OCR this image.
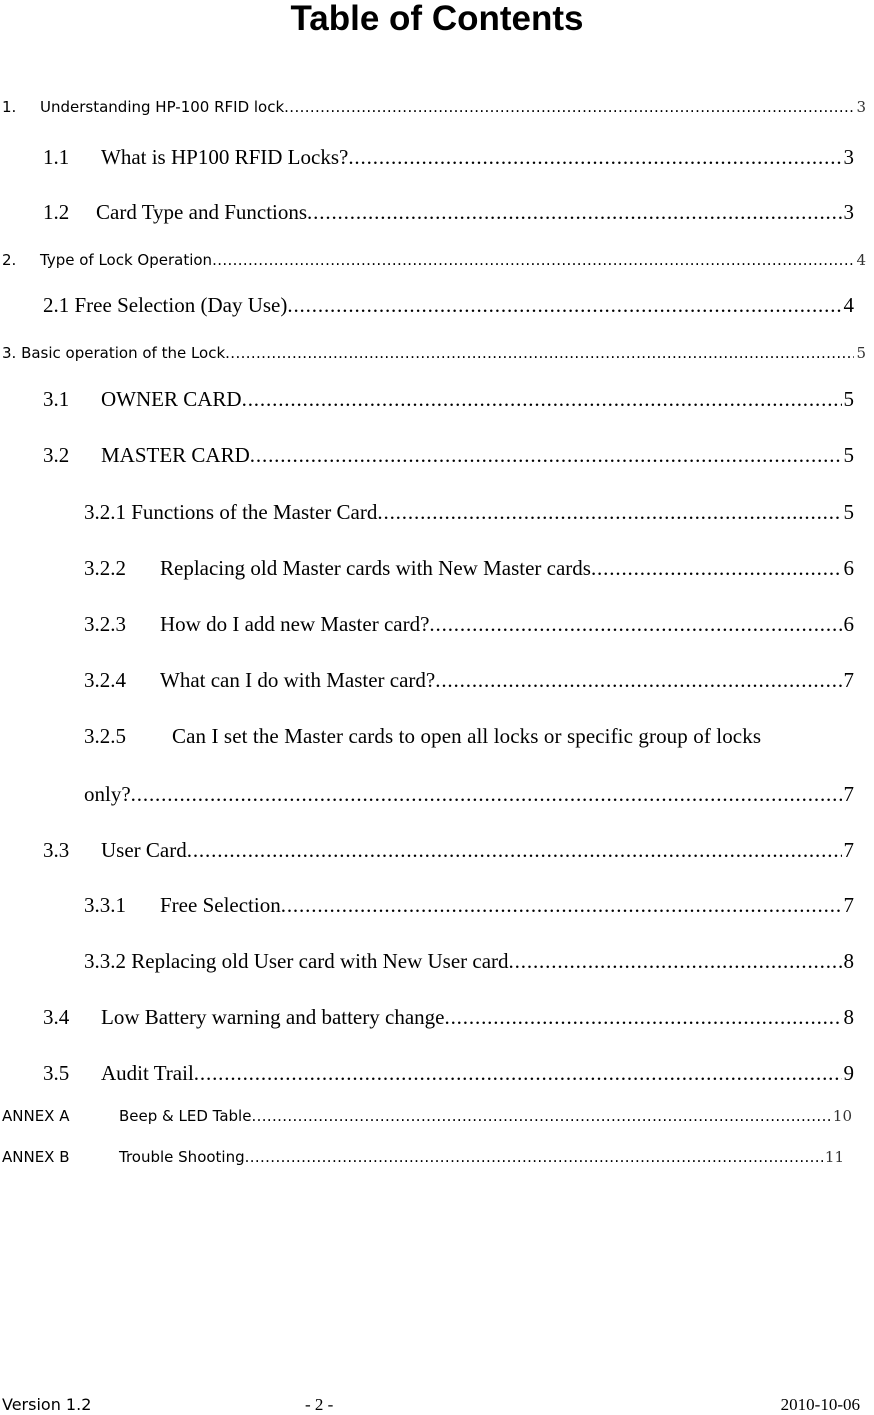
Table of Contents
1. Understanding HP-100 RFID lock . . .	3
1.1 What is HP100 RFID Locks? . . .	3
1.2 Card Type and Functions . . .	3
2. Type of Lock Operation . . .	4
2.1 Free Selection (Day Use) . . .	4
3. Basic operation of the Lock . . .	5
3.1 OWNER CARD . . .	5
3.2 MASTER CARD . . .	5
3.2.1 Functions of the Master Card . . .	5
3.2.2 Replacing old Master cards with New Master cards . . .	6
3.2.3 How do I add new Master card? . . .	6
3.2.4 What can I do with Master card? . . .	7
3.2.5 Can I set the Master cards to open all locks or specific group of locks
only? . . .	7
3.3 User Card . . .	7
3.3.1 Free Selection . . .	7
3.3.2 Replacing old User card with New User card . . .	8
3.4 Low Battery warning and battery change . . .	8
3.5 Audit Trail . . .	9
ANNEX A	Beep & LED Table . . .	10
ANNEX B	Trouble Shooting . . .	11
Version 1.2	- 2 -	2010-10-06
